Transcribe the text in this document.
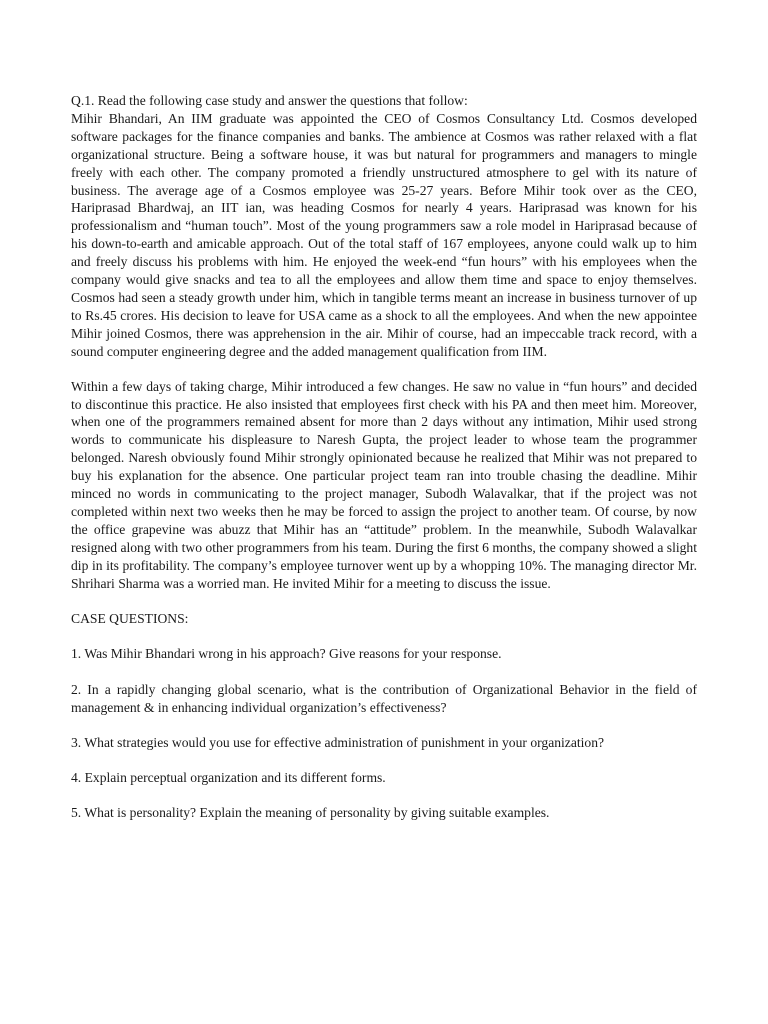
Q.1. Read the following case study and answer the questions that follow:
Mihir Bhandari, An IIM graduate was appointed the CEO of Cosmos Consultancy Ltd. Cosmos developed software packages for the finance companies and banks. The ambience at Cosmos was rather relaxed with a flat organizational structure. Being a software house, it was but natural for programmers and managers to mingle freely with each other. The company promoted a friendly unstructured atmosphere to gel with its nature of business. The average age of a Cosmos employee was 25-27 years. Before Mihir took over as the CEO, Hariprasad Bhardwaj, an IIT ian, was heading Cosmos for nearly 4 years. Hariprasad was known for his professionalism and “human touch”. Most of the young programmers saw a role model in Hariprasad because of his down-to-earth and amicable approach. Out of the total staff of 167 employees, anyone could walk up to him and freely discuss his problems with him. He enjoyed the week-end “fun hours” with his employees when the company would give snacks and tea to all the employees and allow them time and space to enjoy themselves. Cosmos had seen a steady growth under him, which in tangible terms meant an increase in business turnover of up to Rs.45 crores. His decision to leave for USA came as a shock to all the employees. And when the new appointee Mihir joined Cosmos, there was apprehension in the air. Mihir of course, had an impeccable track record, with a sound computer engineering degree and the added management qualification from IIM.

Within a few days of taking charge, Mihir introduced a few changes. He saw no value in “fun hours” and decided to discontinue this practice. He also insisted that employees first check with his PA and then meet him. Moreover, when one of the programmers remained absent for more than 2 days without any intimation, Mihir used strong words to communicate his displeasure to Naresh Gupta, the project leader to whose team the programmer belonged. Naresh obviously found Mihir strongly opinionated because he realized that Mihir was not prepared to buy his explanation for the absence. One particular project team ran into trouble chasing the deadline. Mihir minced no words in communicating to the project manager, Subodh Walavalkar, that if the project was not completed within next two weeks then he may be forced to assign the project to another team. Of course, by now the office grapevine was abuzz that Mihir has an “attitude” problem. In the meanwhile, Subodh Walavalkar resigned along with two other programmers from his team. During the first 6 months, the company showed a slight dip in its profitability. The company’s employee turnover went up by a whopping 10%. The managing director Mr. Shrihari Sharma was a worried man. He invited Mihir for a meeting to discuss the issue.

CASE QUESTIONS:

1. Was Mihir Bhandari wrong in his approach? Give reasons for your response.

2. In a rapidly changing global scenario, what is the contribution of Organizational Behavior in the field of management & in enhancing individual organization’s effectiveness?

3. What strategies would you use for effective administration of punishment in your organization?

4. Explain perceptual organization and its different forms.

5. What is personality? Explain the meaning of personality by giving suitable examples.
